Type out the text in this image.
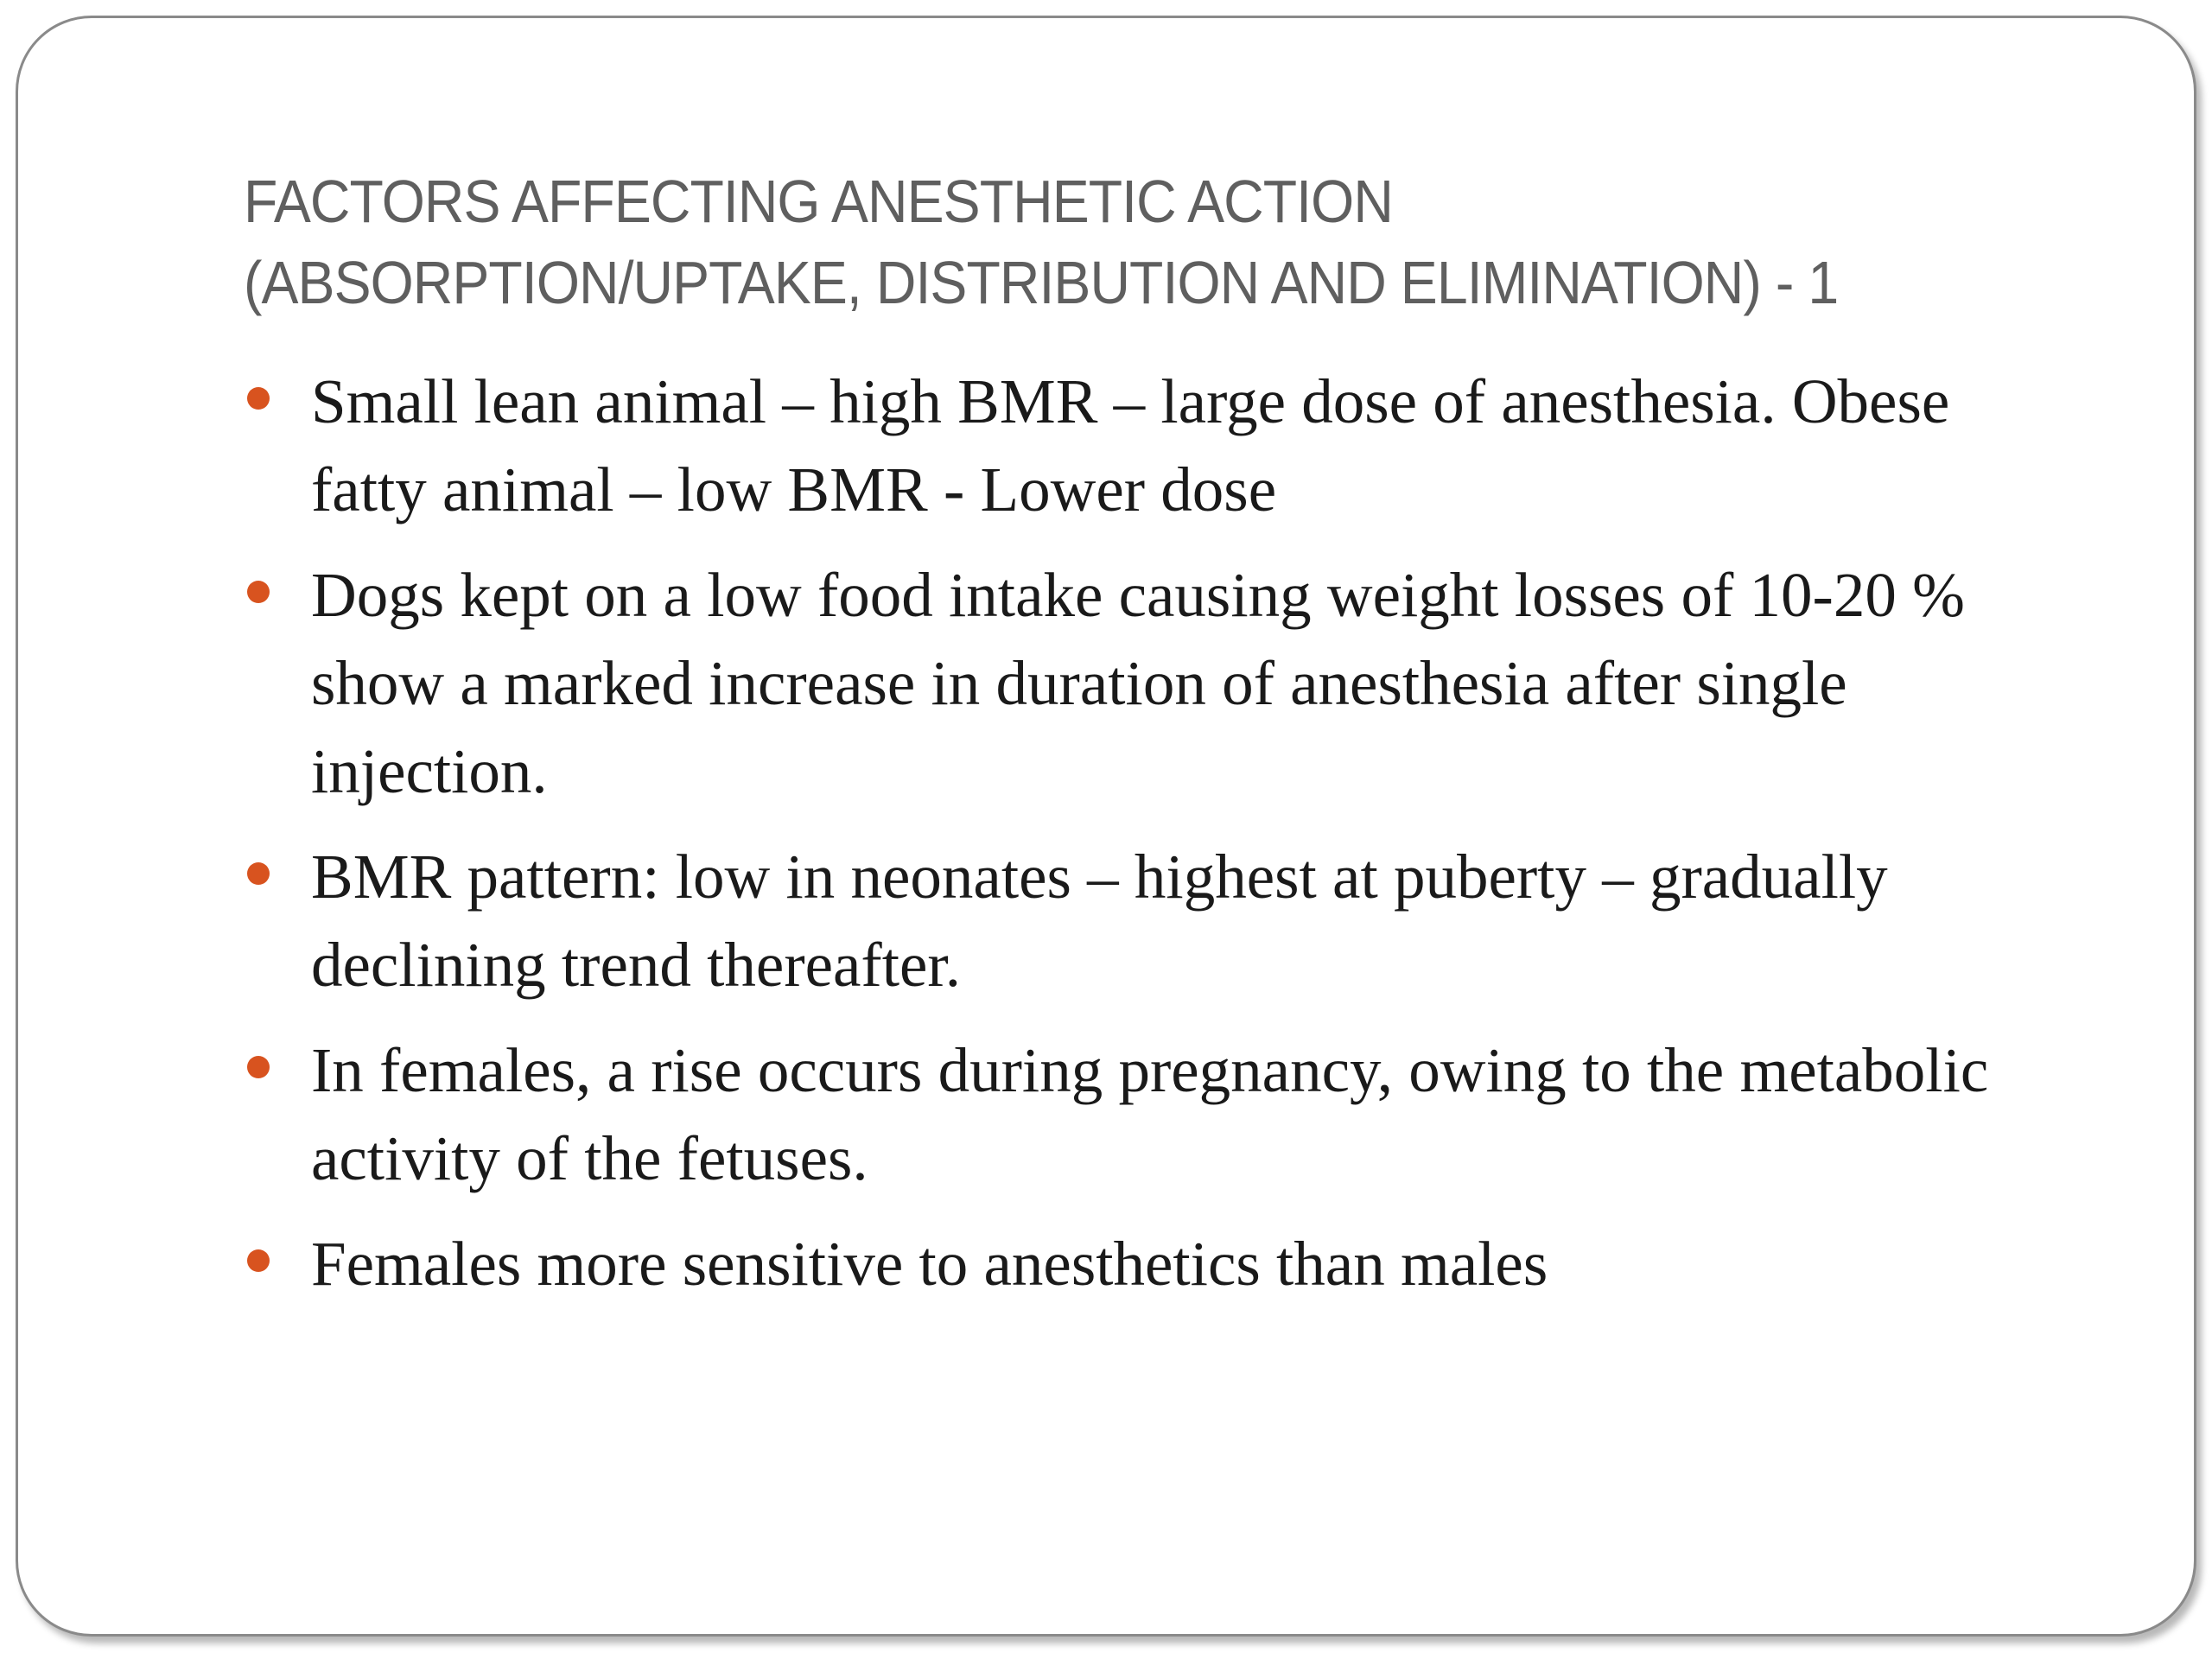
FACTORS AFFECTING ANESTHETIC ACTION
(ABSORPTION/UPTAKE, DISTRIBUTION AND ELIMINATION) - 1
Small lean animal – high BMR – large dose of anesthesia. Obese
fatty animal – low BMR - Lower dose
Dogs kept on a low food intake causing weight losses of 10-20 %
show a marked increase in duration of anesthesia after single
injection.
BMR pattern: low in neonates – highest at puberty – gradually
declining trend thereafter.
In females, a rise occurs during pregnancy, owing to the metabolic
activity of the fetuses.
Females more sensitive to anesthetics than males
